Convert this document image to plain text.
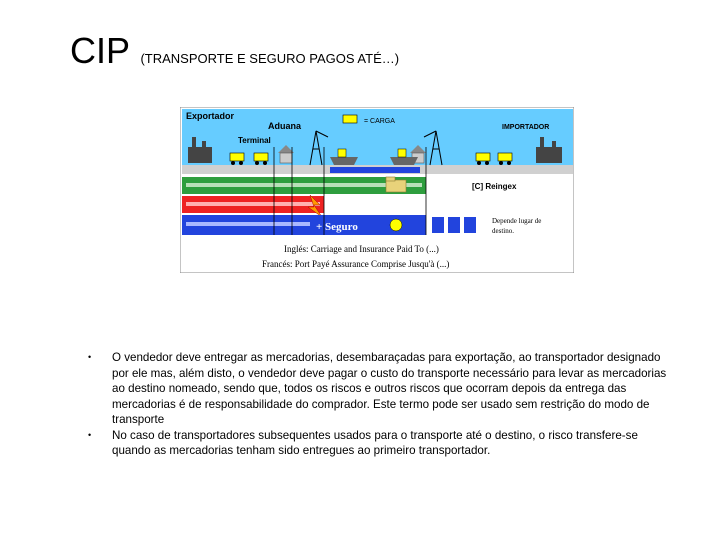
CIP (TRANSPORTE E SEGURO PAGOS ATÉ…)
Exportador
Aduana	= CARGA
IMPORTADOR
Terminal
[C] Reingex
+ Seguro	Depende lugar de destino.
Inglés: Carriage and Insurance Paid To (...)
Francés: Port Payé Assurance Comprise Jusqu'à (...)
• O vendedor deve entregar as mercadorias, desembaraçadas para exportação, ao transportador designado por ele mas, além disto, o vendedor deve pagar o custo do transporte necessário para levar as mercadorias ao destino nomeado, sendo que, todos os riscos e outros riscos que ocorram depois da entrega das mercadorias é de responsabilidade do comprador. Este termo pode ser usado sem restrição do modo de transporte
• No caso de transportadores subsequentes usados para o transporte até o destino, o risco transfere-se quando as mercadorias tenham sido entregues ao primeiro transportador.
